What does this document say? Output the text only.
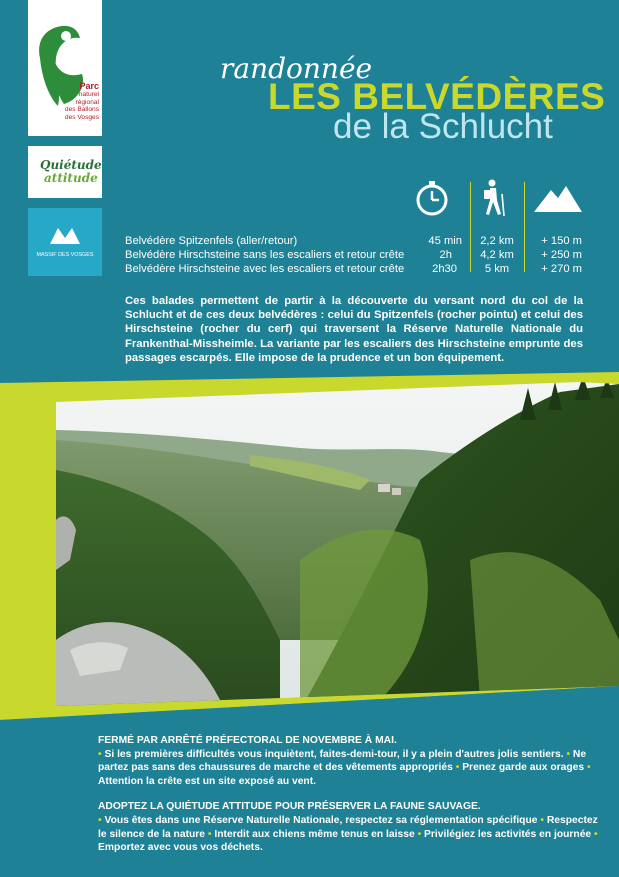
Parc
naturel
régional
des Ballons
des Vosges
Quiétude
attitude
MASSIF DES VOSGES
randonnée
LES BELVÉDÈRES
de la Schlucht
Belvédère Spitzenfels (aller/retour)	45 min	2,2 km	+ 150 m
Belvédère Hirschsteine sans les escaliers et retour crête	2h	4,2 km	+ 250 m
Belvédère Hirschsteine avec les escaliers et retour crête	2h30	5 km	+ 270 m
Ces balades permettent de partir à la découverte du versant nord du col de la Schlucht et de ces deux belvédères : celui du Spitzenfels (rocher pointu) et celui des Hirschsteine (rocher du cerf) qui traversent la Réserve Naturelle Nationale du Frankenthal-Missheimle. La variante par les escaliers des Hirschsteine emprunte des passages escarpés. Elle impose de la prudence et un bon équipement.

FERMÉ PAR ARRÊTÉ PRÉFECTORAL DE NOVEMBRE À MAI.

• Si les premières difficultés vous inquiètent, faites-demi-tour, il y a plein d'autres jolis sentiers. • Ne partez pas sans des chaussures de marche et des vêtements appropriés • Prenez garde aux orages • Attention la crête est un site exposé au vent.

ADOPTEZ LA QUIÉTUDE ATTITUDE POUR PRÉSERVER LA FAUNE SAUVAGE.

• Vous êtes dans une Réserve Naturelle Nationale, respectez sa réglementation spécifique • Respectez le silence de la nature • Interdit aux chiens même tenus en laisse • Privilégiez les activités en journée • Emportez avec vous vos déchets.
